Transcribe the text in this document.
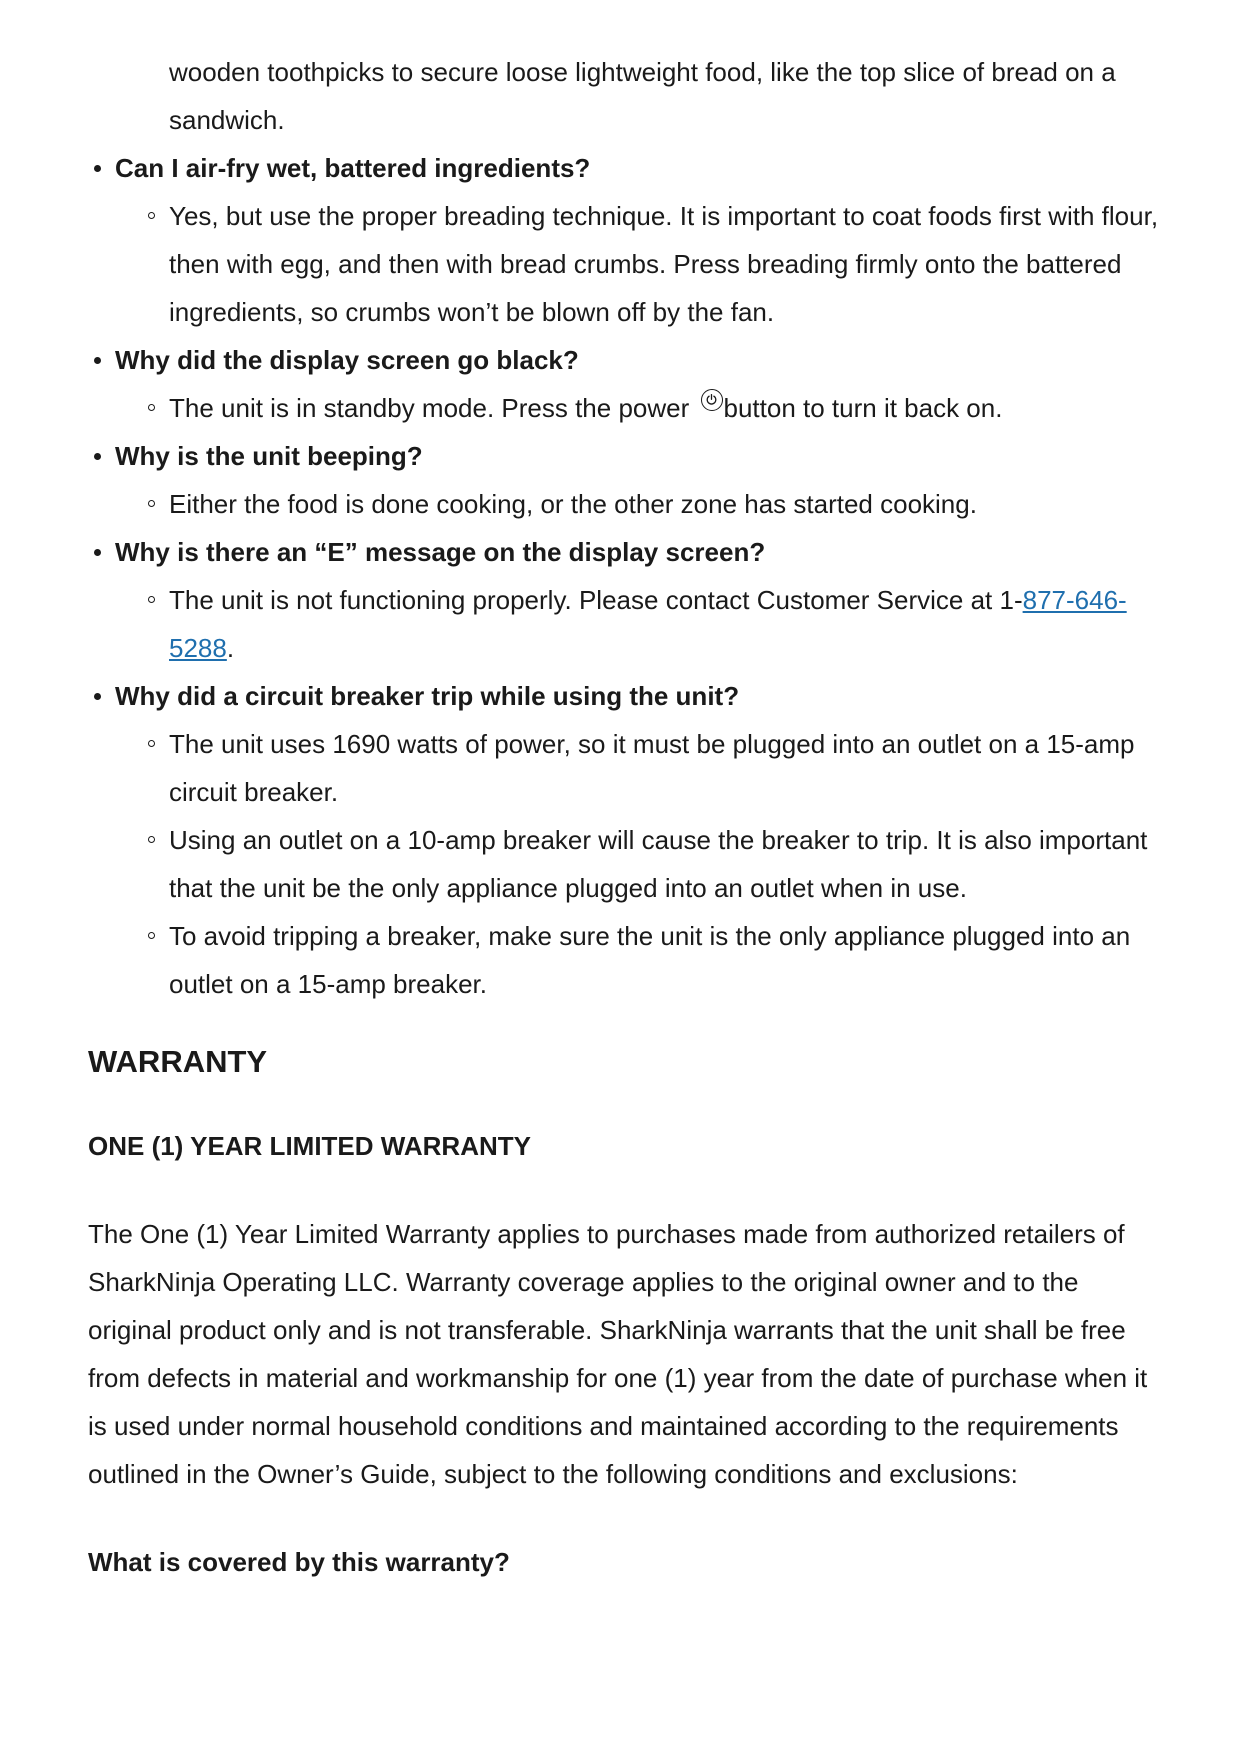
wooden toothpicks to secure loose lightweight food, like the top slice of bread on a sandwich.
Can I air-fry wet, battered ingredients?
Yes, but use the proper breading technique. It is important to coat foods first with flour, then with egg, and then with bread crumbs. Press breading firmly onto the battered ingredients, so crumbs won’t be blown off by the fan.
Why did the display screen go black?
The unit is in standby mode. Press the power
button to turn it back on.
Why is the unit beeping?
Either the food is done cooking, or the other zone has started cooking.
Why is there an “E” message on the display screen?
The unit is not functioning properly. Please contact Customer Service at 1-877-646-5288.
Why did a circuit breaker trip while using the unit?
The unit uses 1690 watts of power, so it must be plugged into an outlet on a 15-amp circuit breaker.
Using an outlet on a 10-amp breaker will cause the breaker to trip. It is also important that the unit be the only appliance plugged into an outlet when in use.
To avoid tripping a breaker, make sure the unit is the only appliance plugged into an outlet on a 15-amp breaker.
WARRANTY
ONE (1) YEAR LIMITED WARRANTY

The One (1) Year Limited Warranty applies to purchases made from authorized retailers of SharkNinja Operating LLC. Warranty coverage applies to the original owner and to the original product only and is not transferable. SharkNinja warrants that the unit shall be free from defects in material and workmanship for one (1) year from the date of purchase when it is used under normal household conditions and maintained according to the requirements outlined in the Owner’s Guide, subject to the following conditions and exclusions:

What is covered by this warranty?
